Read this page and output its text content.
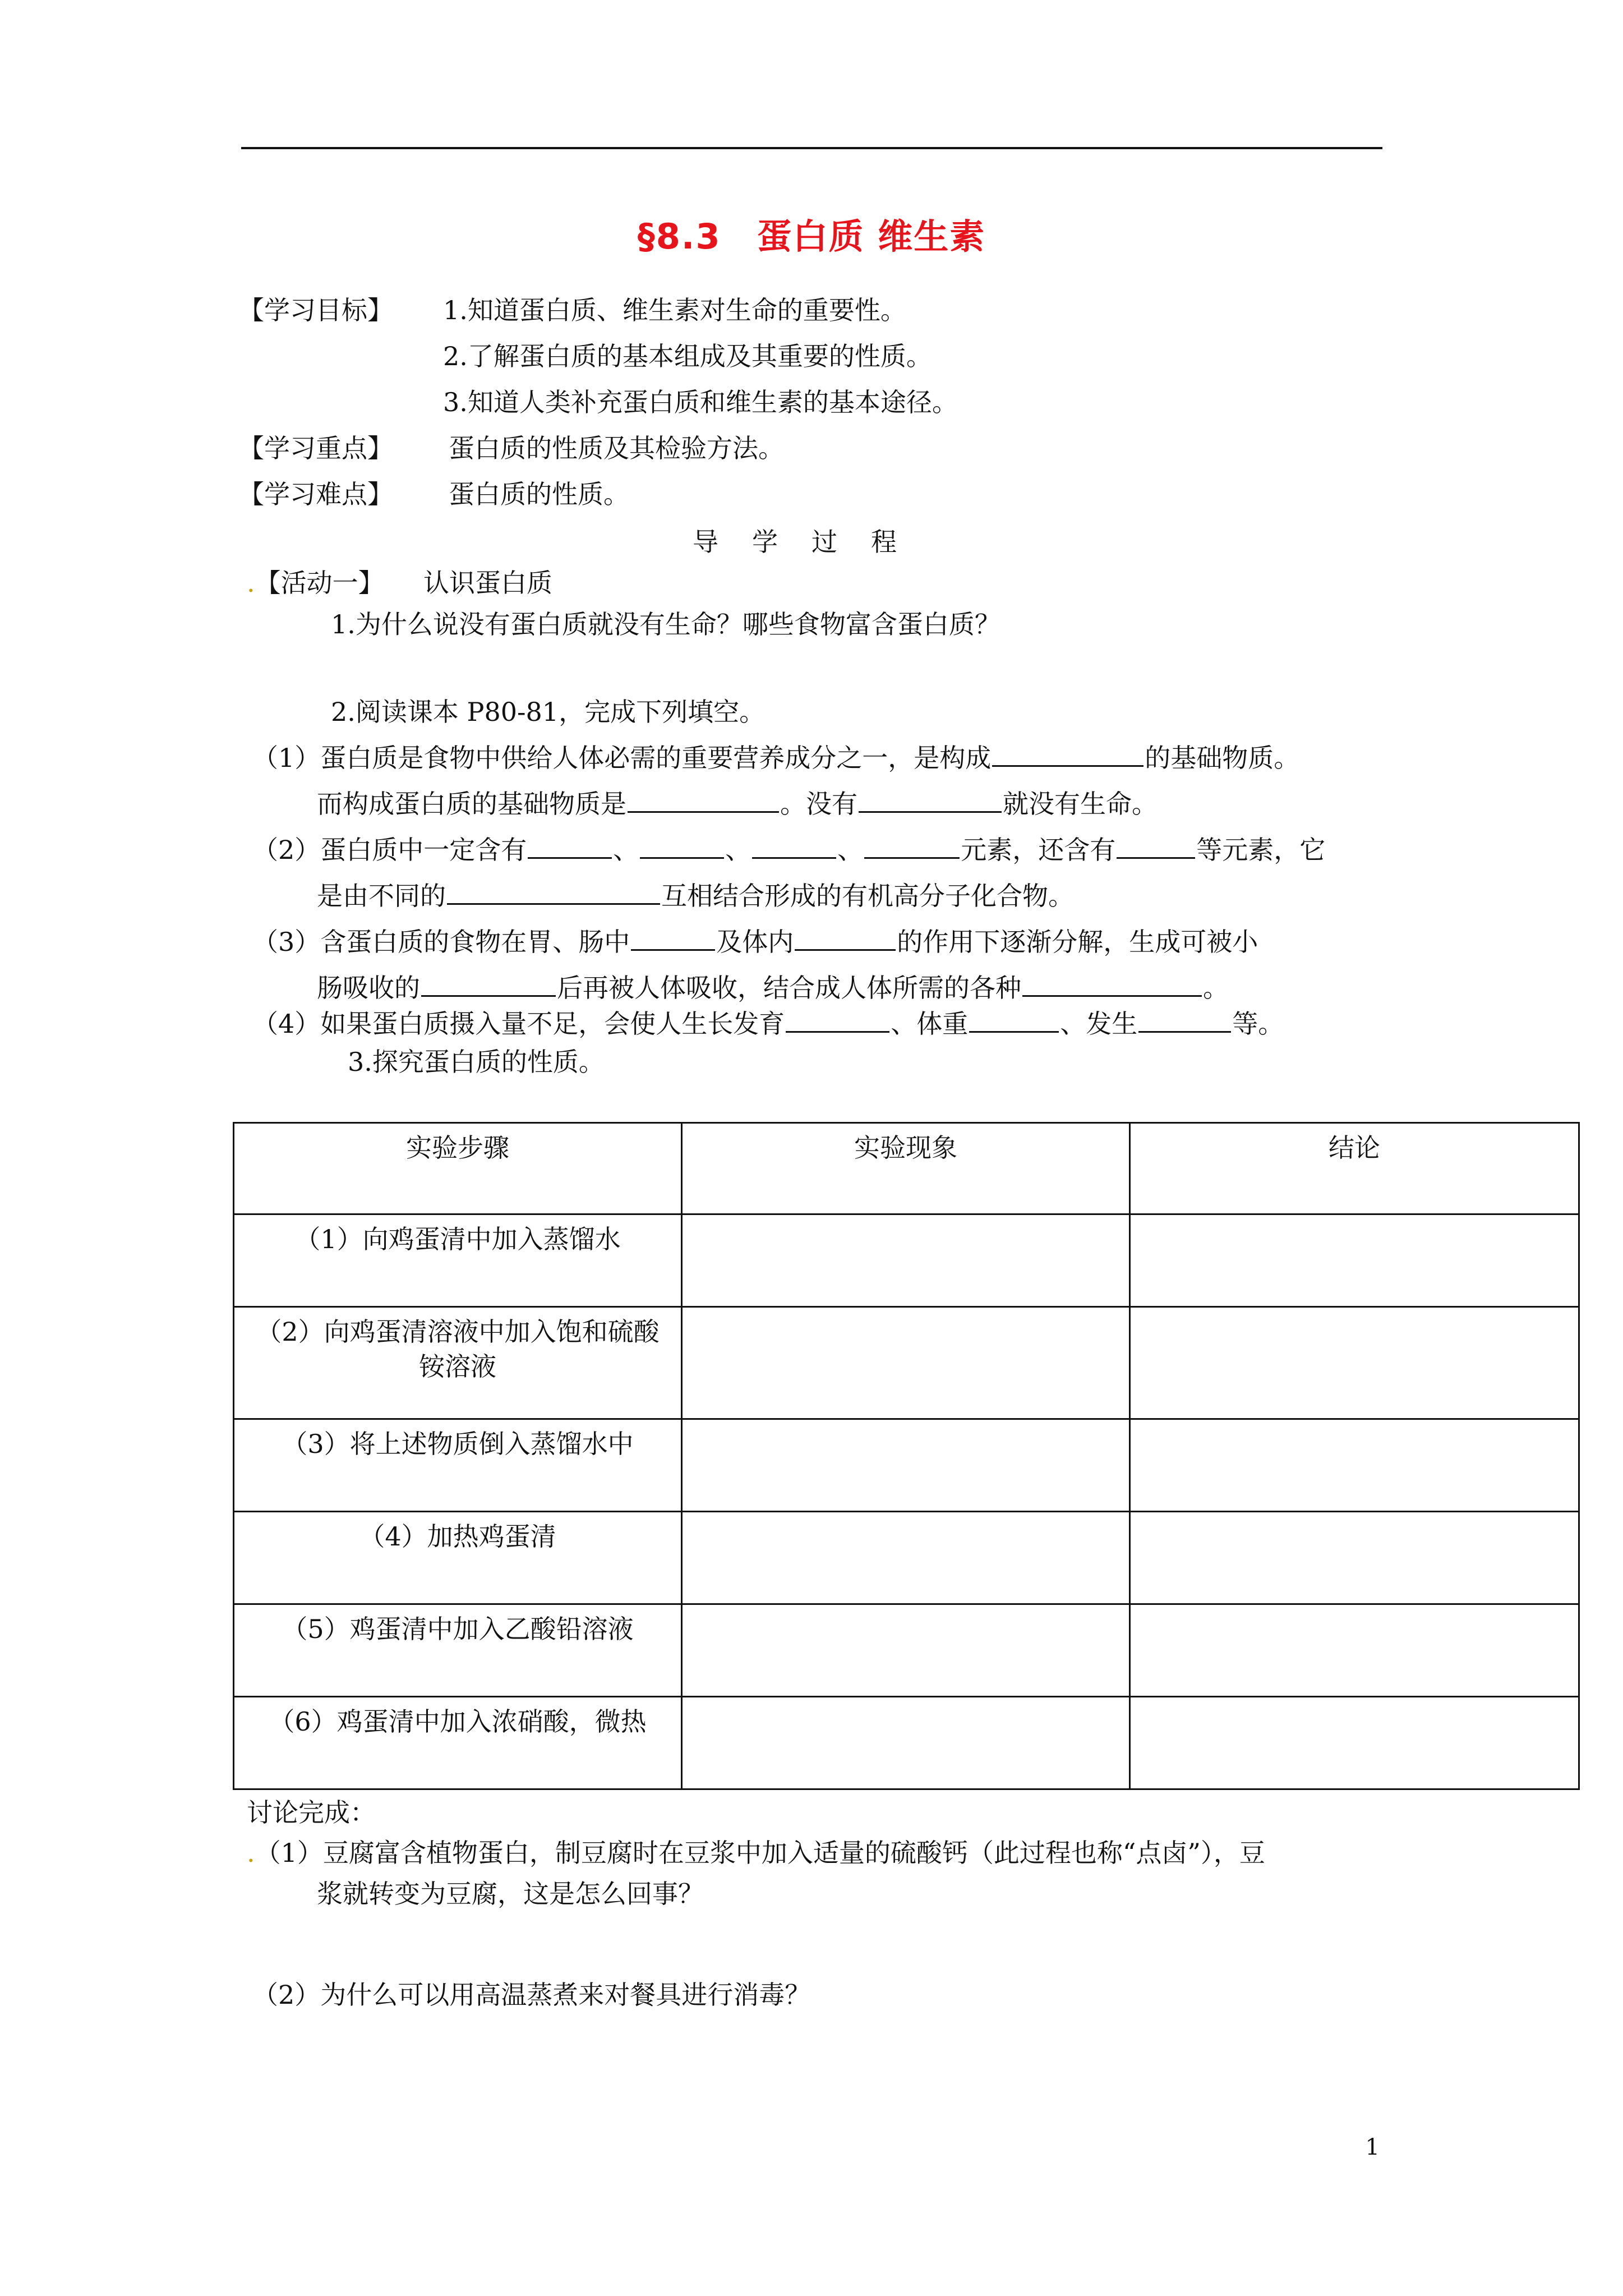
§8.3　蛋白质 维生素
【学习目标】 1.知道蛋白质、维生素对生命的重要性。
2.了解蛋白质的基本组成及其重要的性质。
3.知道人类补充蛋白质和维生素的基本途径。
【学习重点】 蛋白质的性质及其检验方法。
【学习难点】 蛋白质的性质。
导学过程
.【活动一】 认识蛋白质
1.为什么说没有蛋白质就没有生命？哪些食物富含蛋白质？
2.阅读课本 P80-81，完成下列填空。
（1）蛋白质是食物中供给人体必需的重要营养成分之一，是构成	的基础物质。
而构成蛋白质的基础物质是	。没有	就没有生命。
（2）蛋白质中一定含有	、	、	、	元素，还含有	等元素，它
是由不同的	互相结合形成的有机高分子化合物。
（3）含蛋白质的食物在胃、肠中	及体内	的作用下逐渐分解，生成可被小
肠吸收的	后再被人体吸收，结合成人体所需的各种	。
（4）如果蛋白质摄入量不足，会使人生长发育	、体重	、发生	等。
3.探究蛋白质的性质。
实验步骤	实验现象	结论
（1）向鸡蛋清中加入蒸馏水		
（2）向鸡蛋清溶液中加入饱和硫酸铵溶液		
（3）将上述物质倒入蒸馏水中		
（4）加热鸡蛋清		
（5）鸡蛋清中加入乙酸铅溶液		
（6）鸡蛋清中加入浓硝酸，微热		
讨论完成：
.（1）豆腐富含植物蛋白，制豆腐时在豆浆中加入适量的硫酸钙（此过程也称“点卤”），豆
浆就转变为豆腐，这是怎么回事？
（2）为什么可以用高温蒸煮来对餐具进行消毒？
1
